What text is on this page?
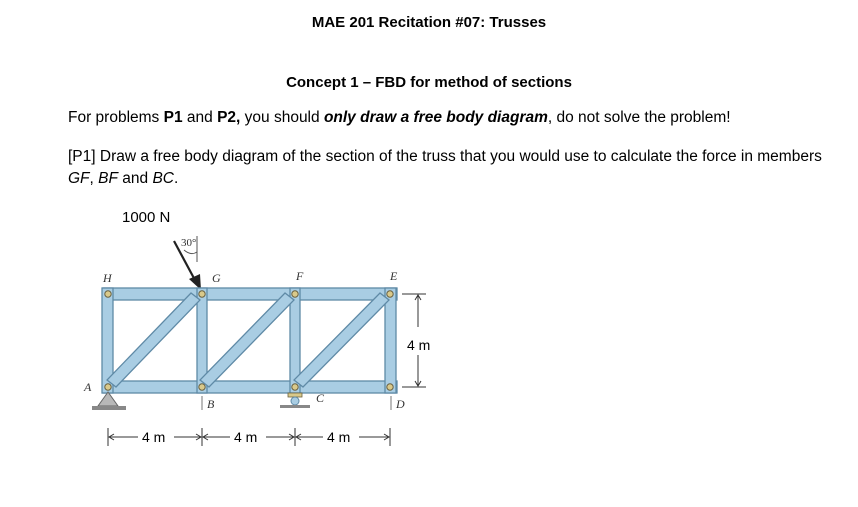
MAE 201 Recitation #07: Trusses
Concept 1 – FBD for method of sections
For problems P1 and P2, you should only draw a free body diagram, do not solve the problem!
[P1] Draw a free body diagram of the section of the truss that you would use to calculate the force in members GF, BF and BC.
1000 N
30°
H	G	F	E
A
B	C	D
4 m
4 m	4 m	4 m
